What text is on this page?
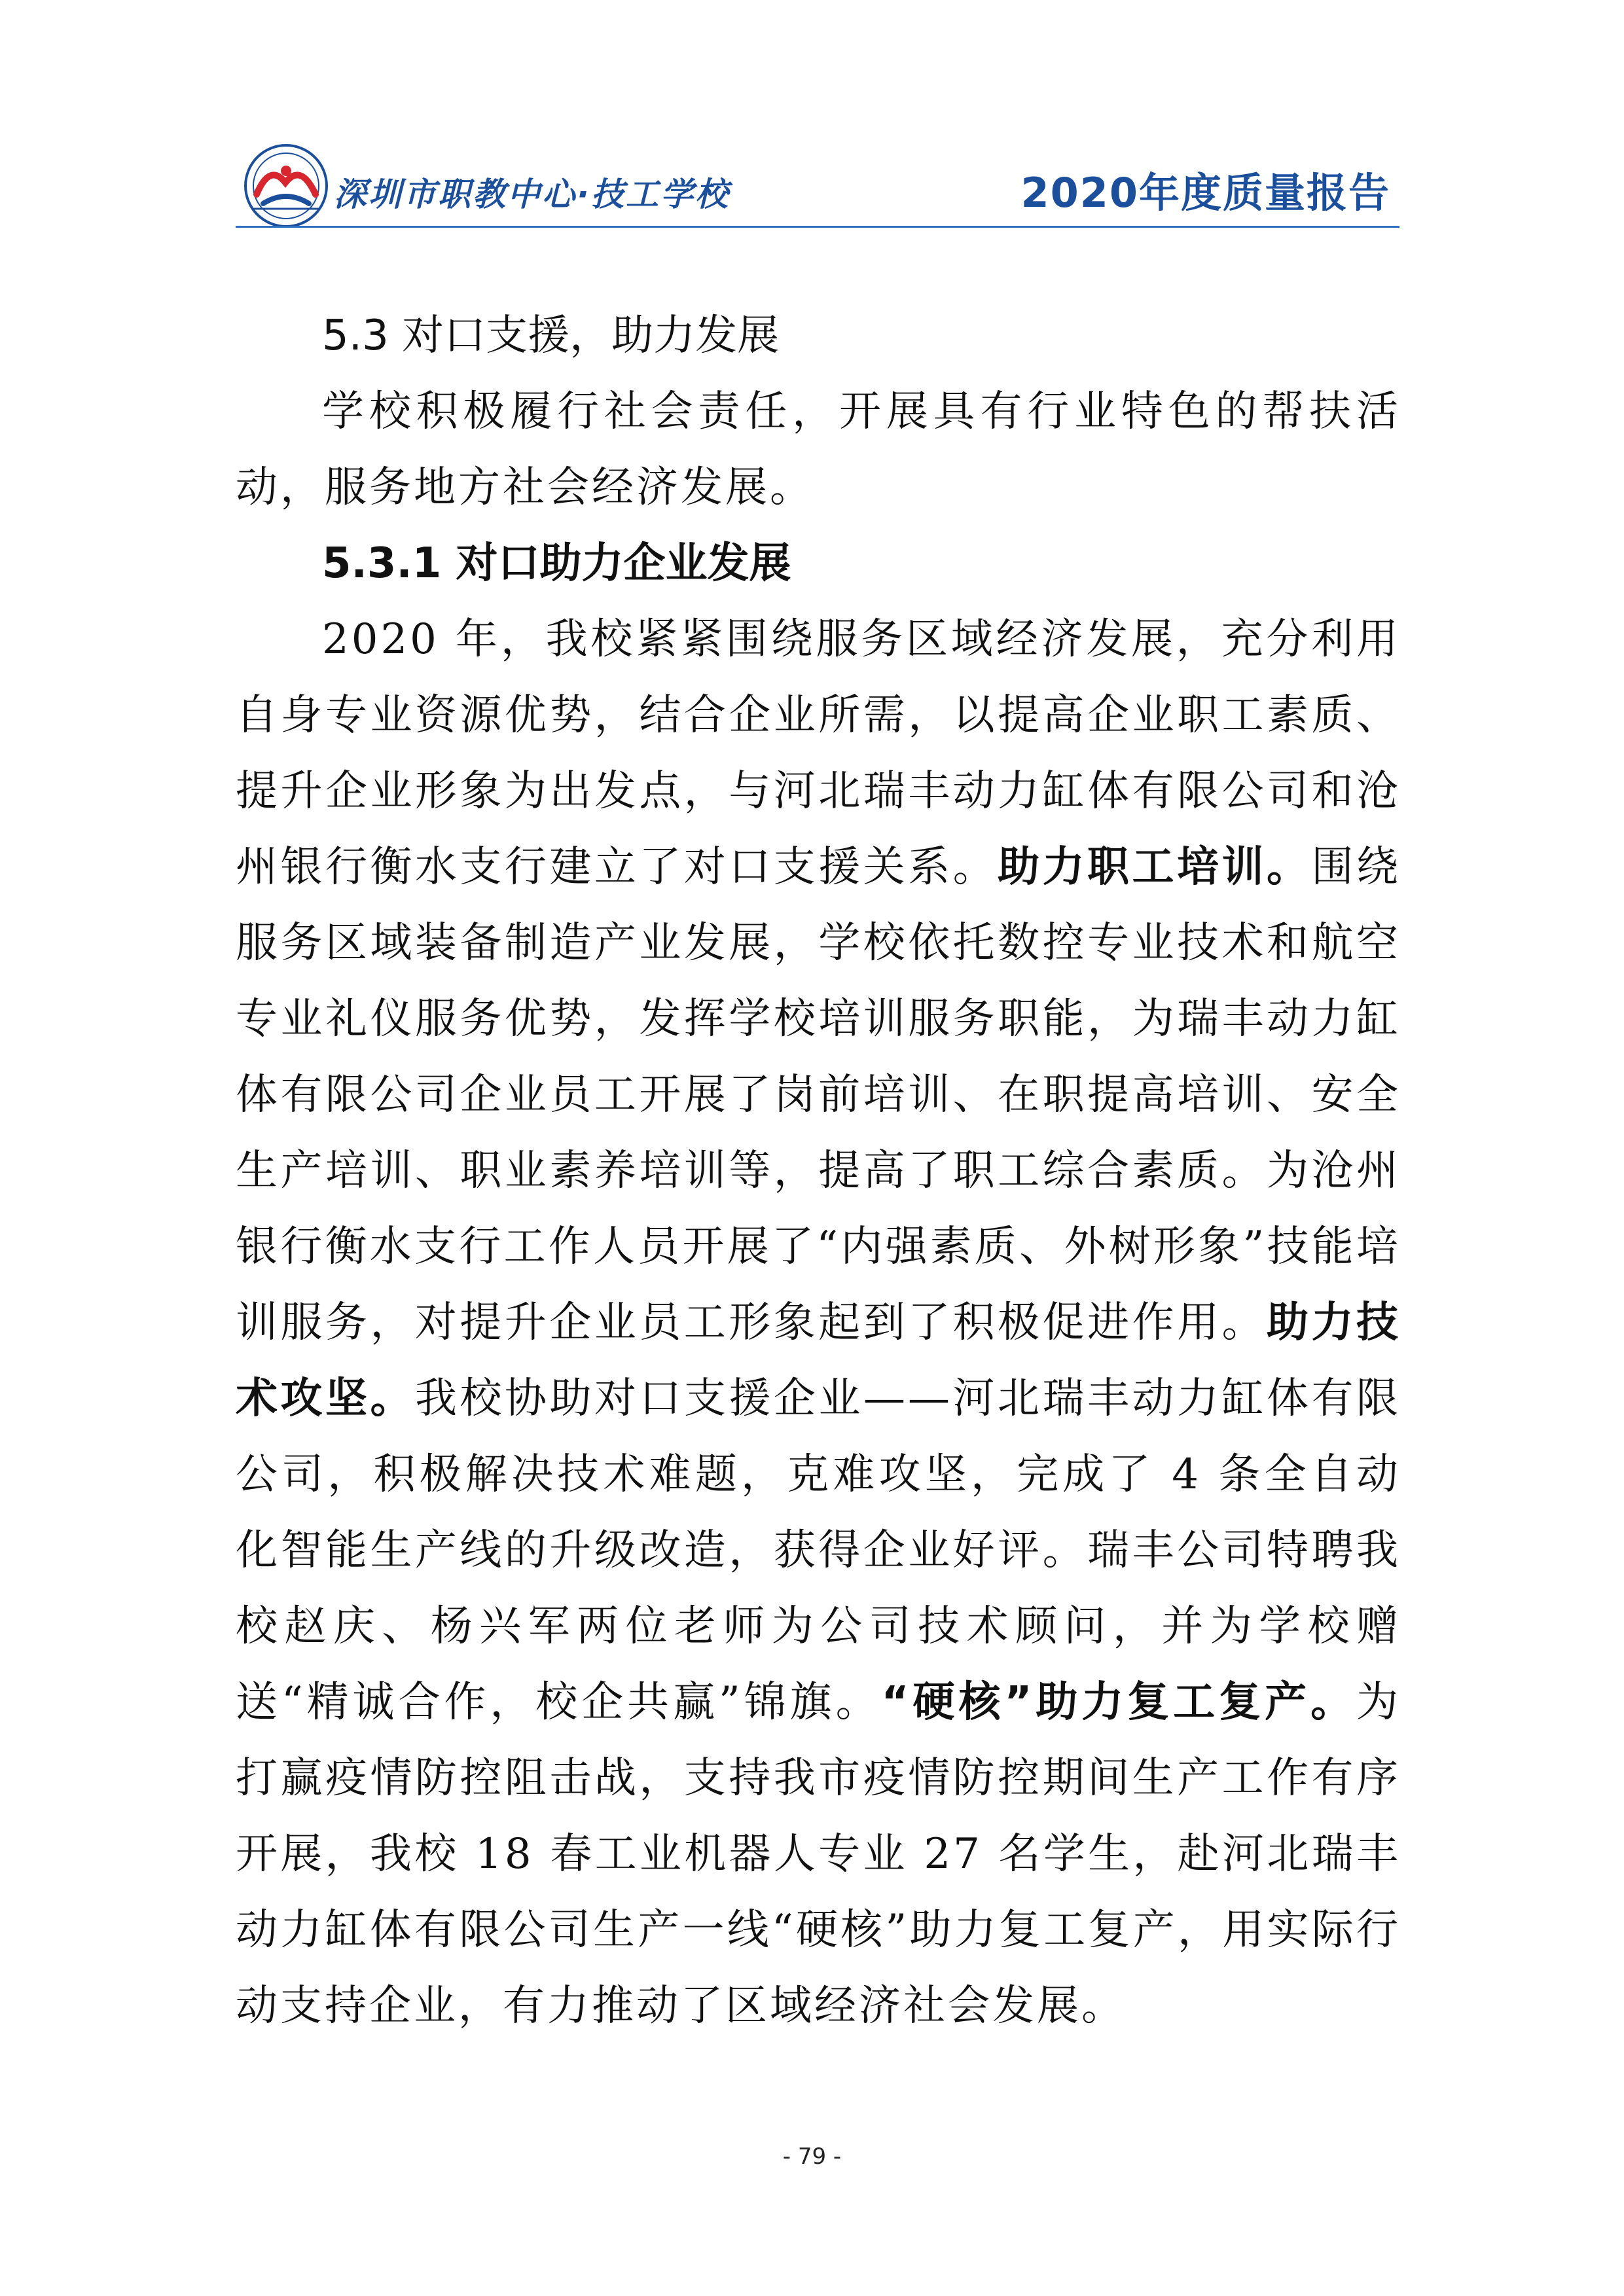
深圳市职教中心·技工学校	2020年度质量报告
5.3 对口支援，助力发展

学校积极履行社会责任，开展具有行业特色的帮扶活动，服务地方社会经济发展。

5.3.1 对口助力企业发展

2020 年，我校紧紧围绕服务区域经济发展，充分利用自身专业资源优势，结合企业所需，以提高企业职工素质、提升企业形象为出发点，与河北瑞丰动力缸体有限公司和沧州银行衡水支行建立了对口支援关系。助力职工培训。围绕服务区域装备制造产业发展，学校依托数控专业技术和航空专业礼仪服务优势，发挥学校培训服务职能，为瑞丰动力缸体有限公司企业员工开展了岗前培训、在职提高培训、安全生产培训、职业素养培训等，提高了职工综合素质。为沧州银行衡水支行工作人员开展了“内强素质、外树形象”技能培训服务，对提升企业员工形象起到了积极促进作用。助力技术攻坚。我校协助对口支援企业——河北瑞丰动力缸体有限公司，积极解决技术难题，克难攻坚，完成了 4 条全自动化智能生产线的升级改造，获得企业好评。瑞丰公司特聘我校赵庆、杨兴军两位老师为公司技术顾问，并为学校赠送“精诚合作，校企共赢”锦旗。“硬核”助力复工复产。为打赢疫情防控阻击战，支持我市疫情防控期间生产工作有序开展，我校 18 春工业机器人专业 27 名学生，赴河北瑞丰动力缸体有限公司生产一线“硬核”助力复工复产，用实际行动支持企业，有力推动了区域经济社会发展。

- 79 -
